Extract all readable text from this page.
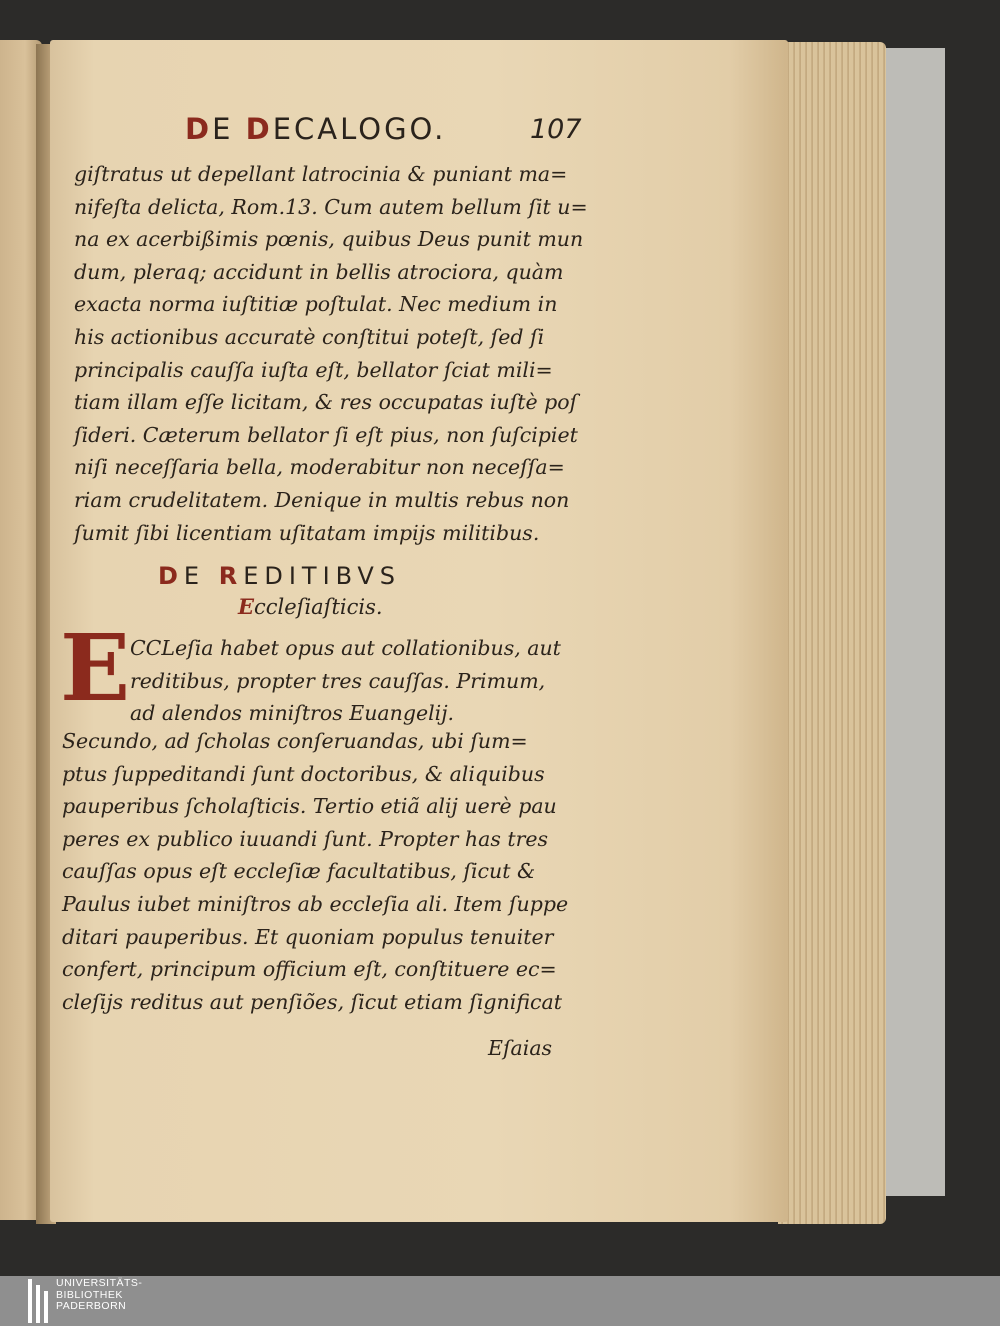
DE DECALOGO.	107
giſtratus ut depellant latrocinia & puniant ma=
nifeſta delicta, Rom.13. Cum autem bellum ſit u=
na ex acerbißimis pœnis, quibus Deus punit mun
dum, pleraq; accidunt in bellis atrociora, quàm
exacta norma iuſtitiæ poſtulat. Nec medium in
his actionibus accuratè conſtitui poteſt, ſed ſi
principalis cauſſa iuſta eſt, bellator ſciat mili=
tiam illam eſſe licitam, & res occupatas iuſtè poſ
ſideri. Cæterum bellator ſi eſt pius, non ſuſcipiet
niſi neceſſaria bella, moderabitur non neceſſa=
riam crudelitatem. Denique in multis rebus non
ſumit ſibi licentiam uſitatam impijs militibus.
DE REDITIBVS
Eccleſiaſticis.
E CCLeſia habet opus aut collationibus, aut
reditibus, propter tres cauſſas. Primum,
ad alendos miniſtros Euangelij.
Secundo, ad ſcholas conſeruandas, ubi ſum=
ptus ſuppeditandi ſunt doctoribus, & aliquibus
pauperibus ſcholaſticis. Tertio etiã alij uerè pau
peres ex publico iuuandi ſunt. Propter has tres
cauſſas opus eſt eccleſiæ facultatibus, ſicut &
Paulus iubet miniſtros ab eccleſia ali. Item ſuppe
ditari pauperibus. Et quoniam populus tenuiter
confert, principum officium eſt, conſtituere ec=
cleſijs reditus aut penſiões, ſicut etiam ſignificat
Eſaias
UNIVERSITÄTS-
BIBLIOTHEK
PADERBORN
